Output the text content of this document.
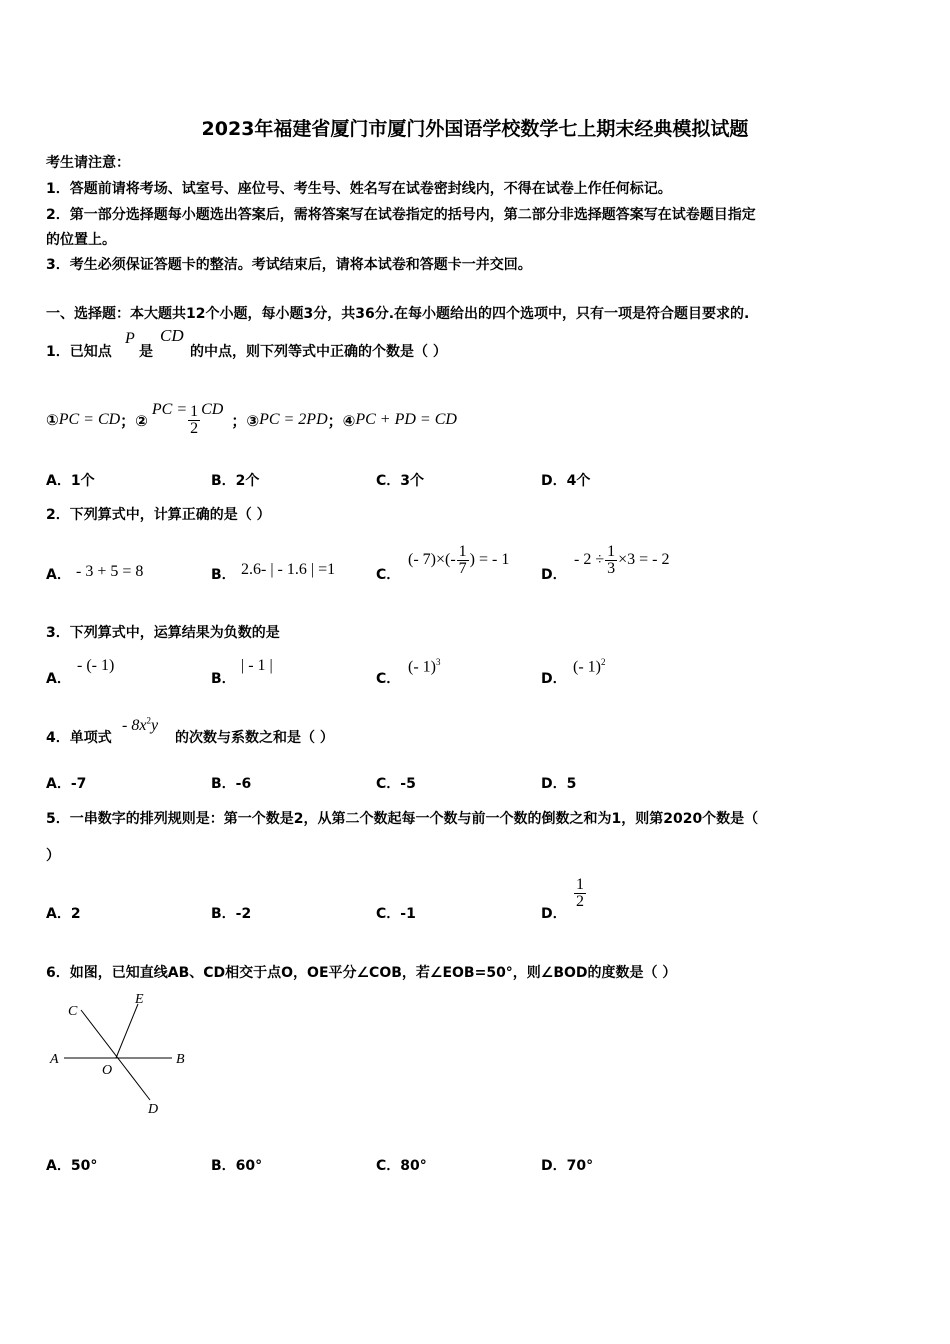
2023年福建省厦门市厦门外国语学校数学七上期末经典模拟试题
考生请注意：
1．答题前请将考场、试室号、座位号、考生号、姓名写在试卷密封线内，不得在试卷上作任何标记。
2．第一部分选择题每小题选出答案后，需将答案写在试卷指定的括号内，第二部分非选择题答案写在试卷题目指定
的位置上。
3．考生必须保证答题卡的整洁。考试结束后，请将本试卷和答题卡一并交回。
一、选择题：本大题共12个小题，每小题3分，共36分.在每小题给出的四个选项中，只有一项是符合题目要求的.
1．已知点
P
是
CD
的中点，则下列等式中正确的个数是（ ）
① PC = CD ；②
PC = $\frac{1}{2}$ CD
；③ PC = 2PD ；④ PC + PD = CD
A．1个	B．2个	C．3个	D．4个
2．下列算式中，计算正确的是（ ）
A． - 3 + 5 = 8	B． 2.6- | - 1.6 | =1	C．
(- $7)\times(- \frac{1}{7}$ ) = - 1
D．
- $2 \div \frac{1}{3} \times 3$ = - 2
3．下列算式中，运算结果为负数的是
A．
- (- 1)
B．
| - 1 |
C．
(- 1)$^3$
D．
(- 1)$^2$
4．单项式
- $8x^2y$
的次数与系数之和是（ ）
A．-7	B．-6	C．-5	D．5
5．一串数字的排列规则是：第一个数是2，从第二个数起每一个数与前一个数的倒数之和为1，则第2020个数是（
）
A．2	B．-2	C．-1	D．
$\frac{1}{2}$
6．如图，已知直线AB、CD相交于点O，OE平分∠COB，若∠EOB=50°，则∠BOD的度数是（ ）
C
E
A
O
B
D
A．50°	B．60°	C．80°	D．70°
